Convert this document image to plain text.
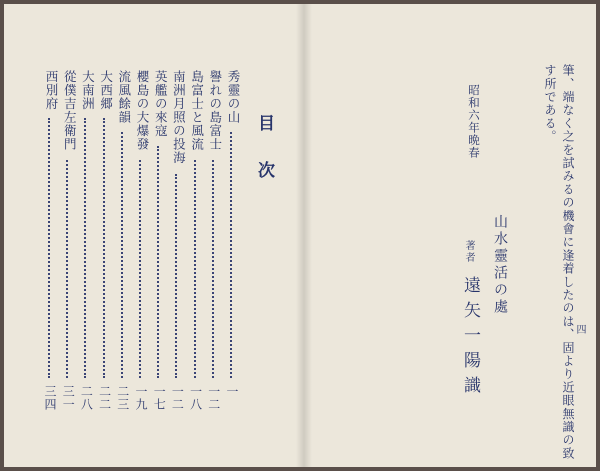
目次
秀靈の山
一
譽れの島富士
一二
島富士と風流
一八
南洲月照の投海
一二
英艦の來寇
一七
櫻島の大爆發
一九
流風餘韻
二三
大西郷
二二
大南洲
二八
從僕吉左衛門
三一
西別府
三四	筆、端なく之を試みるの機會に逢着したのは、固より近眼無識の致
す所である。
昭和六年晩春
山水靈活の處
著者
遠矢一陽識	四
